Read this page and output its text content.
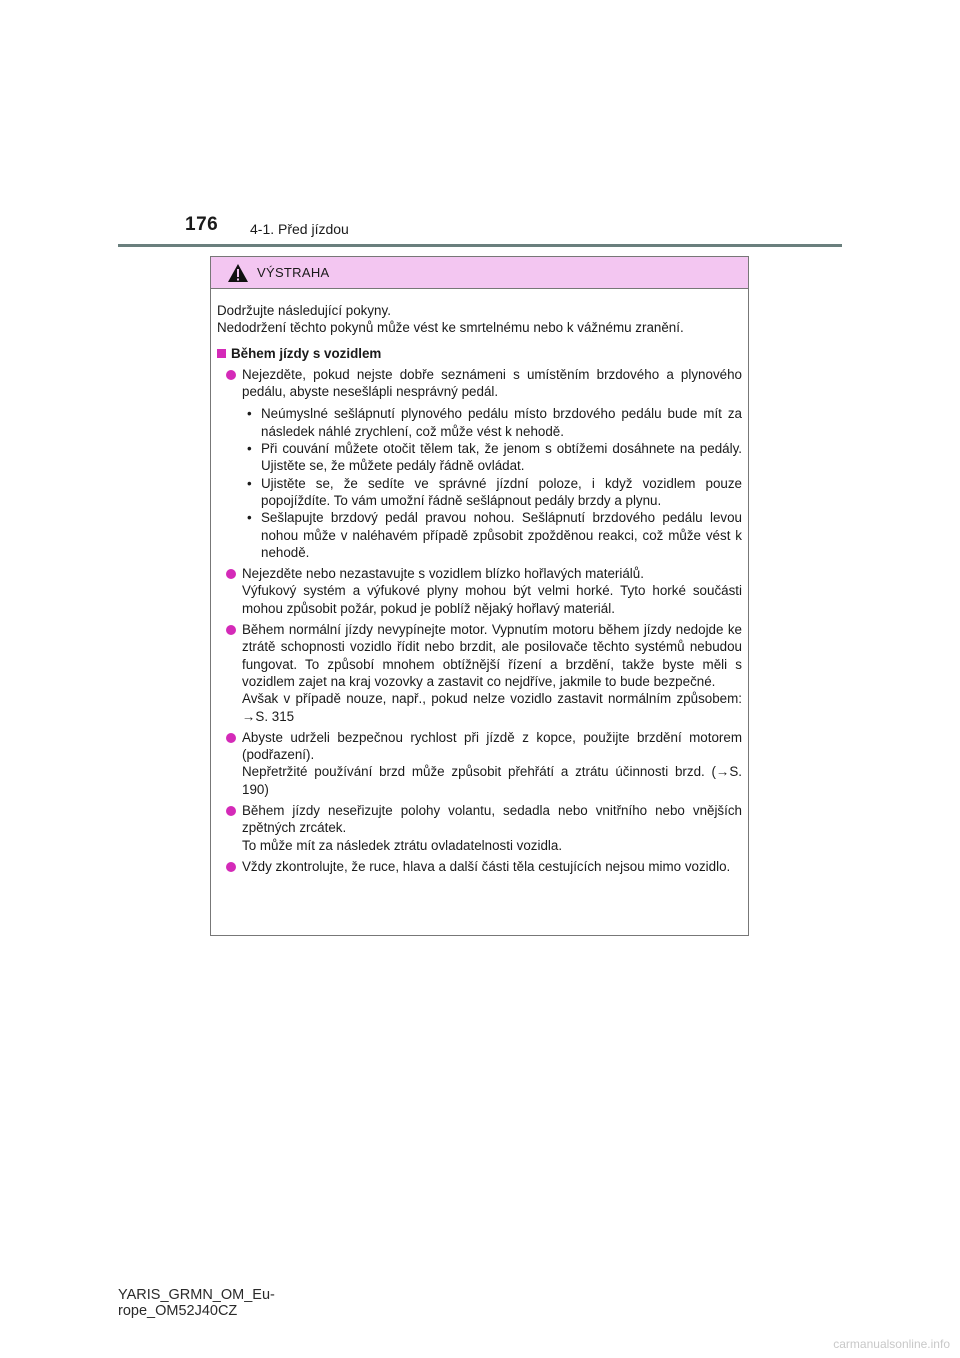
176 4-1. Před jízdou
VÝSTRAHA

Dodržujte následující pokyny.

Nedodržení těchto pokynů může vést ke smrtelnému nebo k vážnému zranění.

Během jízdy s vozidlem
Nejezděte, pokud nejste dobře seznámeni s umístěním brzdového a plynového pedálu, abyste nesešlápli nesprávný pedál.
• Neúmyslné sešlápnutí plynového pedálu místo brzdového pedálu bude mít za následek náhlé zrychlení, což může vést k nehodě.
• Při couvání můžete otočit tělem tak, že jenom s obtížemi dosáhnete na pedály. Ujistěte se, že můžete pedály řádně ovládat.
• Ujistěte se, že sedíte ve správné jízdní poloze, i když vozidlem pouze popojíždíte. To vám umožní řádně sešlápnout pedály brzdy a plynu.
• Sešlapujte brzdový pedál pravou nohou. Sešlápnutí brzdového pedálu levou nohou může v naléhavém případě způsobit zpožděnou reakci, což může vést k nehodě.
Nejezděte nebo nezastavujte s vozidlem blízko hořlavých materiálů.
Výfukový systém a výfukové plyny mohou být velmi horké. Tyto horké součásti mohou způsobit požár, pokud je poblíž nějaký hořlavý materiál.
Během normální jízdy nevypínejte motor. Vypnutím motoru během jízdy nedojde ke ztrátě schopnosti vozidlo řídit nebo brzdit, ale posilovače těchto systémů nebudou fungovat. To způsobí mnohem obtížnější řízení a brzdění, takže byste měli s vozidlem zajet na kraj vozovky a zastavit co nejdříve, jakmile to bude bezpečné.
Avšak v případě nouze, např., pokud nelze vozidlo zastavit normálním způsobem: →S. 315
Abyste udrželi bezpečnou rychlost při jízdě z kopce, použijte brzdění motorem (podřazení).
Nepřetržité používání brzd může způsobit přehřátí a ztrátu účinnosti brzd. (→S. 190)
Během jízdy neseřizujte polohy volantu, sedadla nebo vnitřního nebo vnějších zpětných zrcátek.
To může mít za následek ztrátu ovladatelnosti vozidla.
Vždy zkontrolujte, že ruce, hlava a další části těla cestujících nejsou mimo vozidlo.
YARIS_GRMN_OM_Eu-
rope_OM52J40CZ
carmanualsonline.info
